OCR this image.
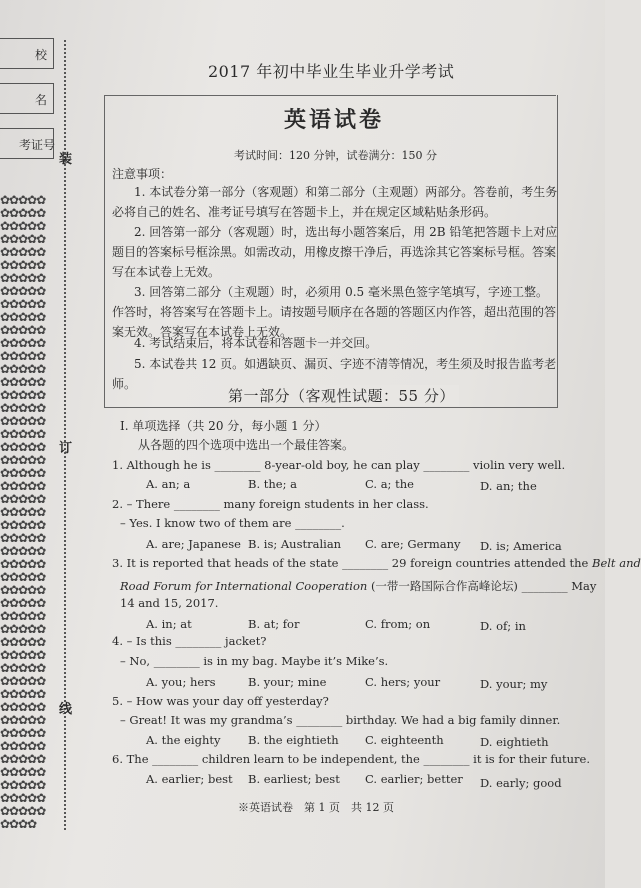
校
名
考证号
✿✿✿✿✿✿✿✿✿✿✿✿✿✿✿✿✿✿✿✿✿✿✿✿✿✿✿✿✿✿✿✿✿✿✿✿✿✿✿✿✿✿✿✿✿✿✿✿✿✿✿✿✿✿✿✿✿✿✿✿✿✿✿✿✿✿✿✿✿✿✿✿✿✿✿✿✿✿✿✿✿✿✿✿✿✿✿✿✿✿✿✿✿✿✿✿✿✿✿✿✿✿✿✿✿✿✿✿✿✿✿✿✿✿✿✿✿✿✿✿✿✿✿✿✿✿✿✿✿✿✿✿✿✿✿✿✿✿✿✿✿✿✿✿✿✿✿✿✿✿✿✿✿✿✿✿✿✿✿✿✿✿✿✿✿✿✿✿✿✿✿✿✿✿✿✿✿✿✿✿✿✿✿✿✿✿✿✿✿✿✿✿✿✿✿✿✿✿✿✿✿✿✿✿✿✿✿✿✿✿✿✿✿✿✿✿✿✿✿✿✿✿✿✿✿✿✿✿✿✿✿✿✿✿✿✿✿✿✿✿✿✿✿✿
装
订
线
2017 年初中毕业生毕业升学考试
英语试卷
考试时间：120 分钟，试卷满分：150 分
注意事项：
1. 本试卷分第一部分（客观题）和第二部分（主观题）两部分。答卷前，考生务必将自己的姓名、准考证号填写在答题卡上，并在规定区域粘贴条形码。
2. 回答第一部分（客观题）时，选出每小题答案后，用 2B 铅笔把答题卡上对应题目的答案标号框涂黑。如需改动，用橡皮擦干净后，再选涂其它答案标号框。答案写在本试卷上无效。
3. 回答第二部分（主观题）时，必须用 0.5 毫米黑色签字笔填写，字迹工整。作答时，将答案写在答题卡上。请按题号顺序在各题的答题区内作答，超出范围的答案无效。答案写在本试卷上无效。
4. 考试结束后，将本试卷和答题卡一并交回。
5. 本试卷共 12 页。如遇缺页、漏页、字迹不清等情况，考生须及时报告监考老师。
第一部分（客观性试题：55 分）
Ⅰ. 单项选择（共 20 分，每小题 1 分）
从各题的四个选项中选出一个最佳答案。
1. Although he is ________ 8-year-old boy, he can play ________ violin very well.
A. an; a	B. the; a	C. a; the	D. an; the
2. – There ________ many foreign students in her class.
– Yes. I know two of them are ________.
A. are; Japanese B. is; Australian C. are; Germany D. is; America
3. It is reported that heads of the state ________ 29 foreign countries attended the Belt and
Road Forum for International Cooperation (一带一路国际合作高峰论坛) ________ May
14 and 15, 2017.
A. in; at	B. at; for	C. from; on	D. of; in
4. – Is this ________ jacket?
– No, ________ is in my bag. Maybe it’s Mike’s.
A. you; hers	B. your; mine	C. hers; your	D. your; my
5. – How was your day off yesterday?
– Great! It was my grandma’s ________ birthday. We had a big family dinner.
A. the eighty B. the eightieth C. eighteenth	D. eightieth
6. The ________ children learn to be independent, the ________ it is for their future.
A. earlier; best B. earliest; best C. earlier; better D. early; good
※英语试卷　第 1 页　共 12 页
